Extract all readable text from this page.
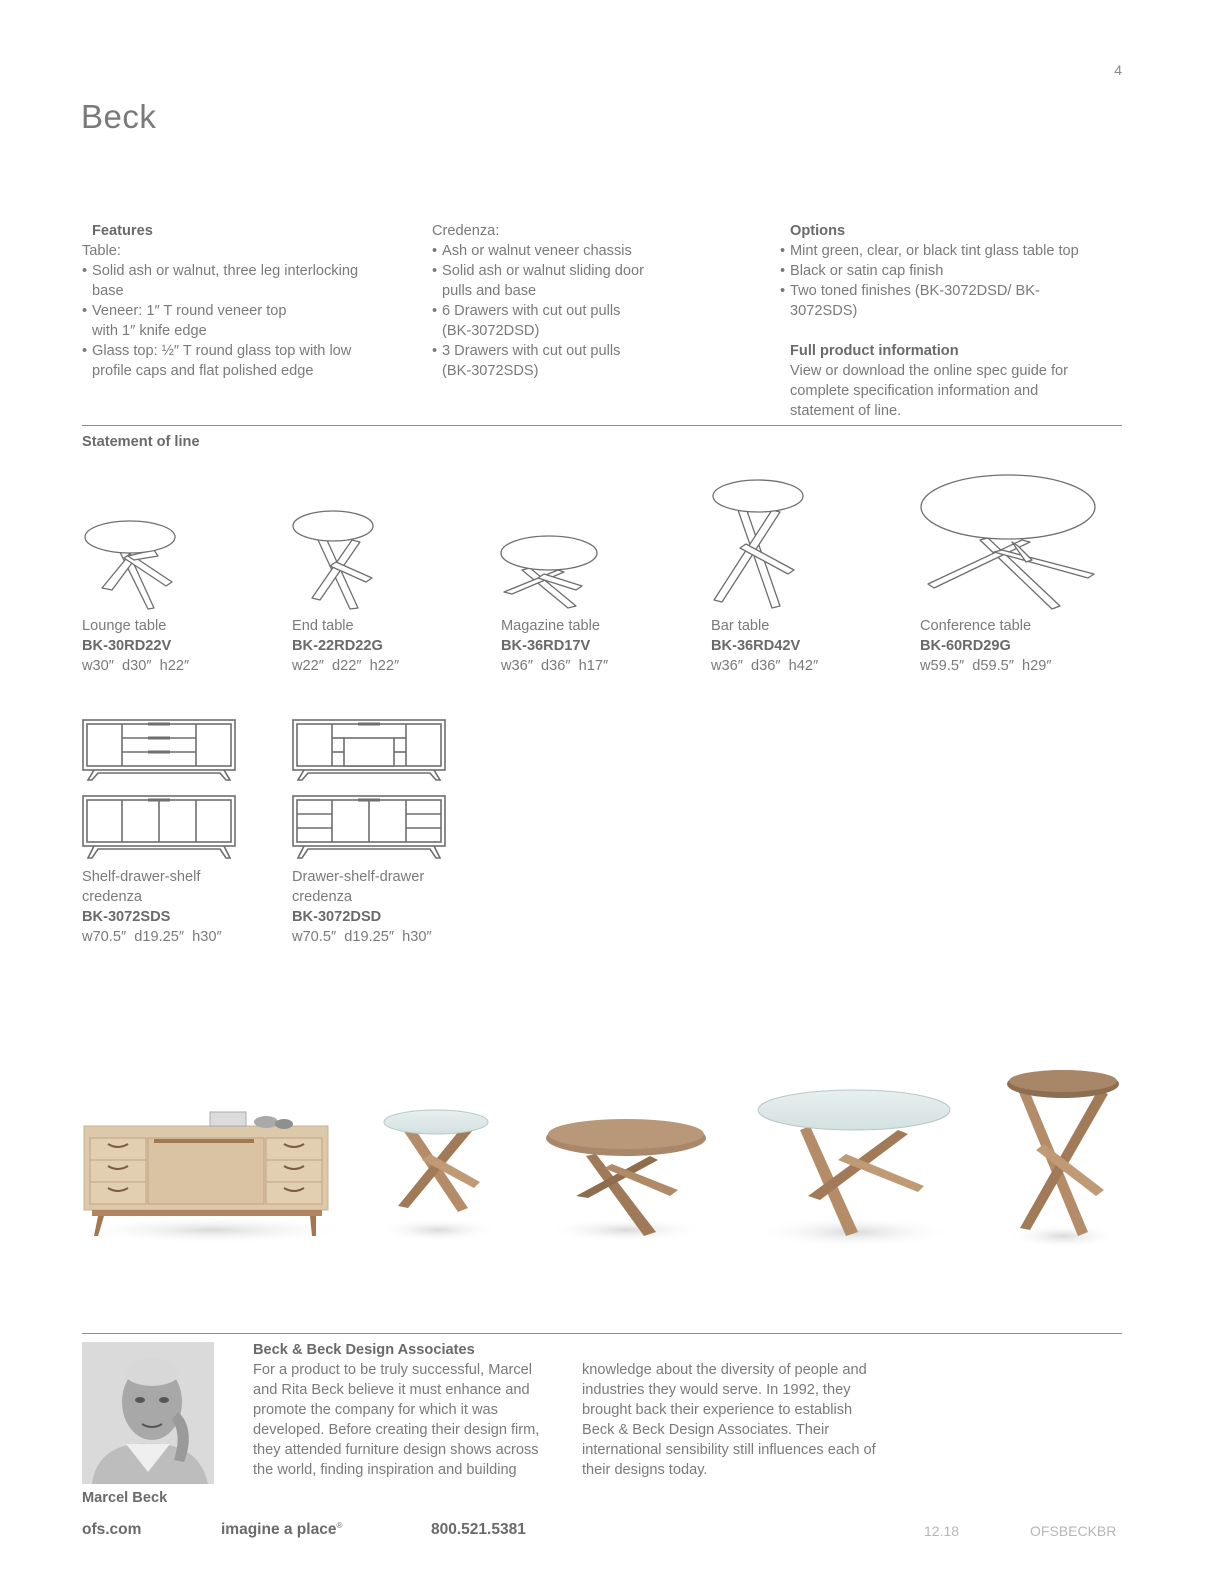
4
Beck
Features
Table:
• Solid ash or walnut, three leg interlocking base
• Veneer: 1″ T round veneer top with 1″ knife edge
• Glass top: ½″ T round glass top with low profile caps and flat polished edge
Credenza:
• Ash or walnut veneer chassis
• Solid ash or walnut sliding door pulls and base
• 6 Drawers with cut out pulls (BK-3072DSD)
• 3 Drawers with cut out pulls (BK-3072SDS)
Options
• Mint green, clear, or black tint glass table top
• Black or satin cap finish
• Two toned finishes (BK-3072DSD/ BK-3072SDS)
Full product information
View or download the online spec guide for complete specification information and statement of line.
Statement of line
Lounge table
BK-30RD22V
w30″  d30″  h22″
End table
BK-22RD22G
w22″  d22″  h22″
Magazine table
BK-36RD17V
w36″  d36″  h17″
Bar table
BK-36RD42V
w36″  d36″  h42″
Conference table
BK-60RD29G
w59.5″  d59.5″  h29″
Shelf-drawer-shelf credenza
BK-3072SDS
w70.5″  d19.25″  h30″
Drawer-shelf-drawer credenza
BK-3072DSD
w70.5″  d19.25″  h30″
Marcel Beck
Beck & Beck Design Associates
For a product to be truly successful, Marcel and Rita Beck believe it must enhance and promote the company for which it was developed. Before creating their design firm, they attended furniture design shows across the world, finding inspiration and building
knowledge about the diversity of people and industries they would serve. In 1992, they brought back their experience to establish Beck & Beck Design Associates. Their international sensibility still influences each of their designs today.
ofs.com	imagine a place®	800.521.5381	12.18	OFSBECKBR
